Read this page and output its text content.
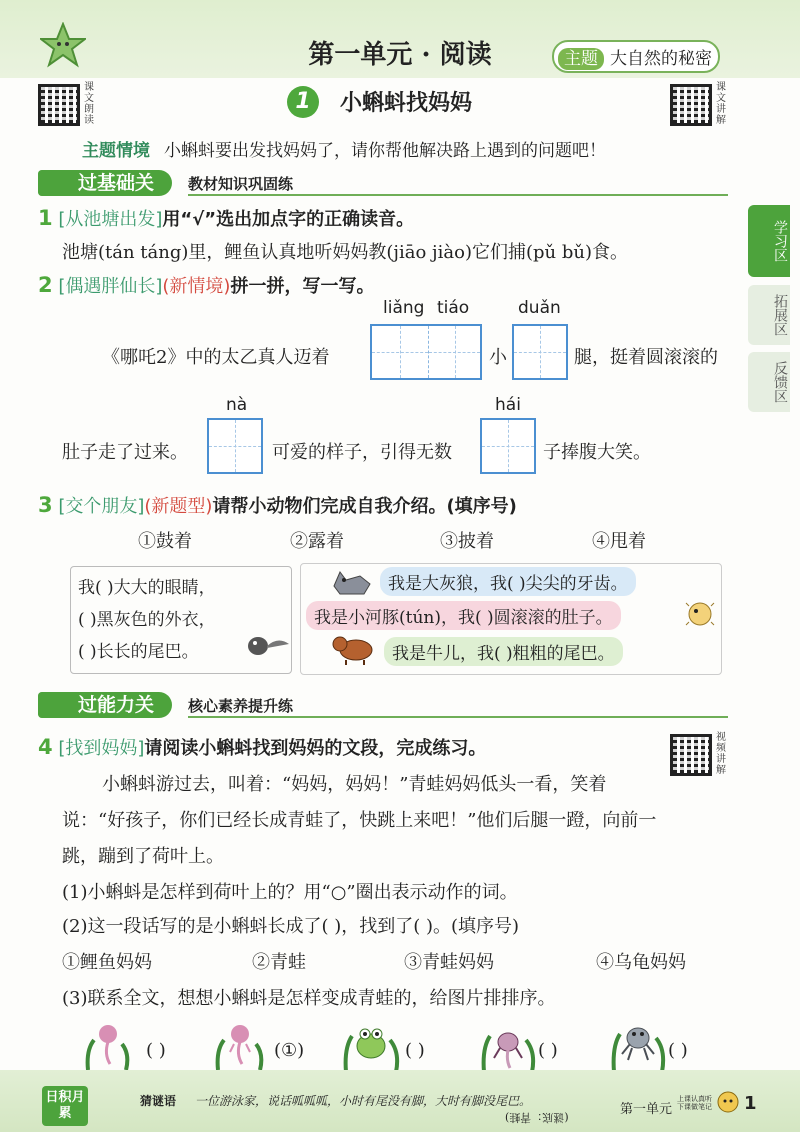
第一单元 · 阅读	主题 大自然的秘密
课文朗读
1	小蝌蚪找妈妈
课文讲解
主题情境 小蝌蚪要出发找妈妈了，请你帮他解决路上遇到的问题吧！
学习区
拓展区
反馈区
过基础关	教材知识巩固练
1 [从池塘出发]用“√”选出加点字的正确读音。
池塘(tán táng)里，鲤鱼认真地听妈妈教(jiāo jiào)它们捕(pǔ bǔ)食。
2 [偶遇胖仙长](新情境)拼一拼，写一写。
liǎng tiáo	duǎn
《哪吒2》中的太乙真人迈着	小	腿，挺着圆滚滚的
nà	hái
肚子走了过来。	可爱的样子，引得无数	子捧腹大笑。
3 [交个朋友](新题型)请帮小动物们完成自我介绍。(填序号)
①鼓着	②露着	③披着	④甩着
我( )大大的眼睛，
( )黑灰色的外衣，
( )长长的尾巴。
我是大灰狼，我( )尖尖的牙齿。
我是小河豚(tún)，我( )圆滚滚的肚子。
我是牛儿，我( )粗粗的尾巴。
过能力关	核心素养提升练
4 [找到妈妈]请阅读小蝌蚪找到妈妈的文段，完成练习。
视频讲解
小蝌蚪游过去，叫着：“妈妈，妈妈！”青蛙妈妈低头一看，笑着
说：“好孩子，你们已经长成青蛙了，快跳上来吧！”他们后腿一蹬，向前一
跳，蹦到了荷叶上。
(1)小蝌蚪是怎样到荷叶上的？用“○”圈出表示动作的词。
(2)这一段话写的是小蝌蚪长成了( )，找到了( )。(填序号)
①鲤鱼妈妈	②青蛙	③青蛙妈妈	④乌龟妈妈
(3)联系全文，想想小蝌蚪是怎样变成青蛙的，给图片排排序。
( )	(①)	( )	( )	( )
日积月累
猜谜语 一位游泳家，说话呱呱呱，小时有尾没有脚，大时有脚没尾巴。
(谜底：青蛙)
第一单元
上课认真听 下课做笔记 1
